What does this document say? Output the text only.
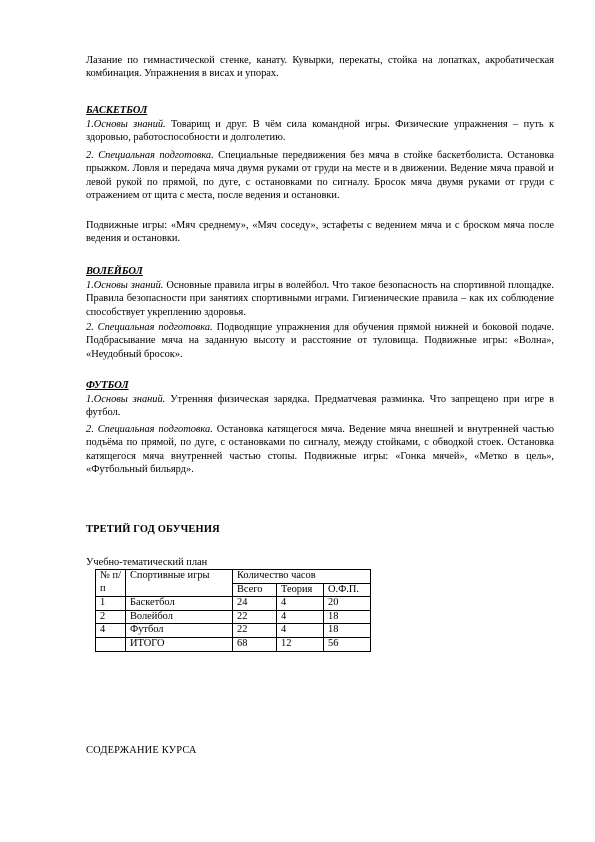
Лазание по гимнастической стенке, канату. Кувырки, перекаты, стойка на лопатках, акробатическая комбинация. Упражнения в висах и упорах.

БАСКЕТБОЛ

1.Основы знаний. Товарищ и друг. В чём сила командной игры. Физические упражнения – путь к здоровью, работоспособности и долголетию.

2. Специальная подготовка. Специальные передвижения без мяча в стойке баскетболиста. Остановка прыжком. Ловля и передача мяча двумя руками от груди на месте и в движении. Ведение мяча правой и левой рукой по прямой, по дуге, с остановками по сигналу. Бросок мяча двумя руками от груди с отражением от щита с места, после ведения и остановки.

Подвижные игры: «Мяч среднему», «Мяч соседу», эстафеты с ведением мяча и с броском мяча после ведения и остановки.

ВОЛЕЙБОЛ

1.Основы знаний. Основные правила игры в волейбол. Что такое безопасность на спортивной площадке. Правила безопасности при занятиях спортивными играми. Гигиенические правила – как их соблюдение способствует укреплению здоровья.

2. Специальная подготовка. Подводящие упражнения для обучения прямой нижней и боковой подаче. Подбрасывание мяча на заданную высоту и расстояние от туловища. Подвижные игры: «Волна», «Неудобный бросок».

ФУТБОЛ

1.Основы знаний. Утренняя физическая зарядка. Предматчевая разминка. Что запрещено при игре в футбол.

2. Специальная подготовка. Остановка катящегося мяча. Ведение мяча внешней и внутренней частью подъёма по прямой, по дуге, с остановками по сигналу, между стойками, с обводкой стоек. Остановка катящегося мяча внутренней частью стопы. Подвижные игры: «Гонка мячей», «Метко в цель», «Футбольный бильярд».

ТРЕТИЙ ГОД ОБУЧЕНИЯ

Учебно-тематический план

№ п/п	Спортивные игры	Количество часов		
		Всего	Теория	О.Ф.П.
1	Баскетбол	24	4	20
2	Волейбол	22	4	18
4	Футбол	22	4	18
	ИТОГО	68	12	56

СОДЕРЖАНИЕ КУРСА
